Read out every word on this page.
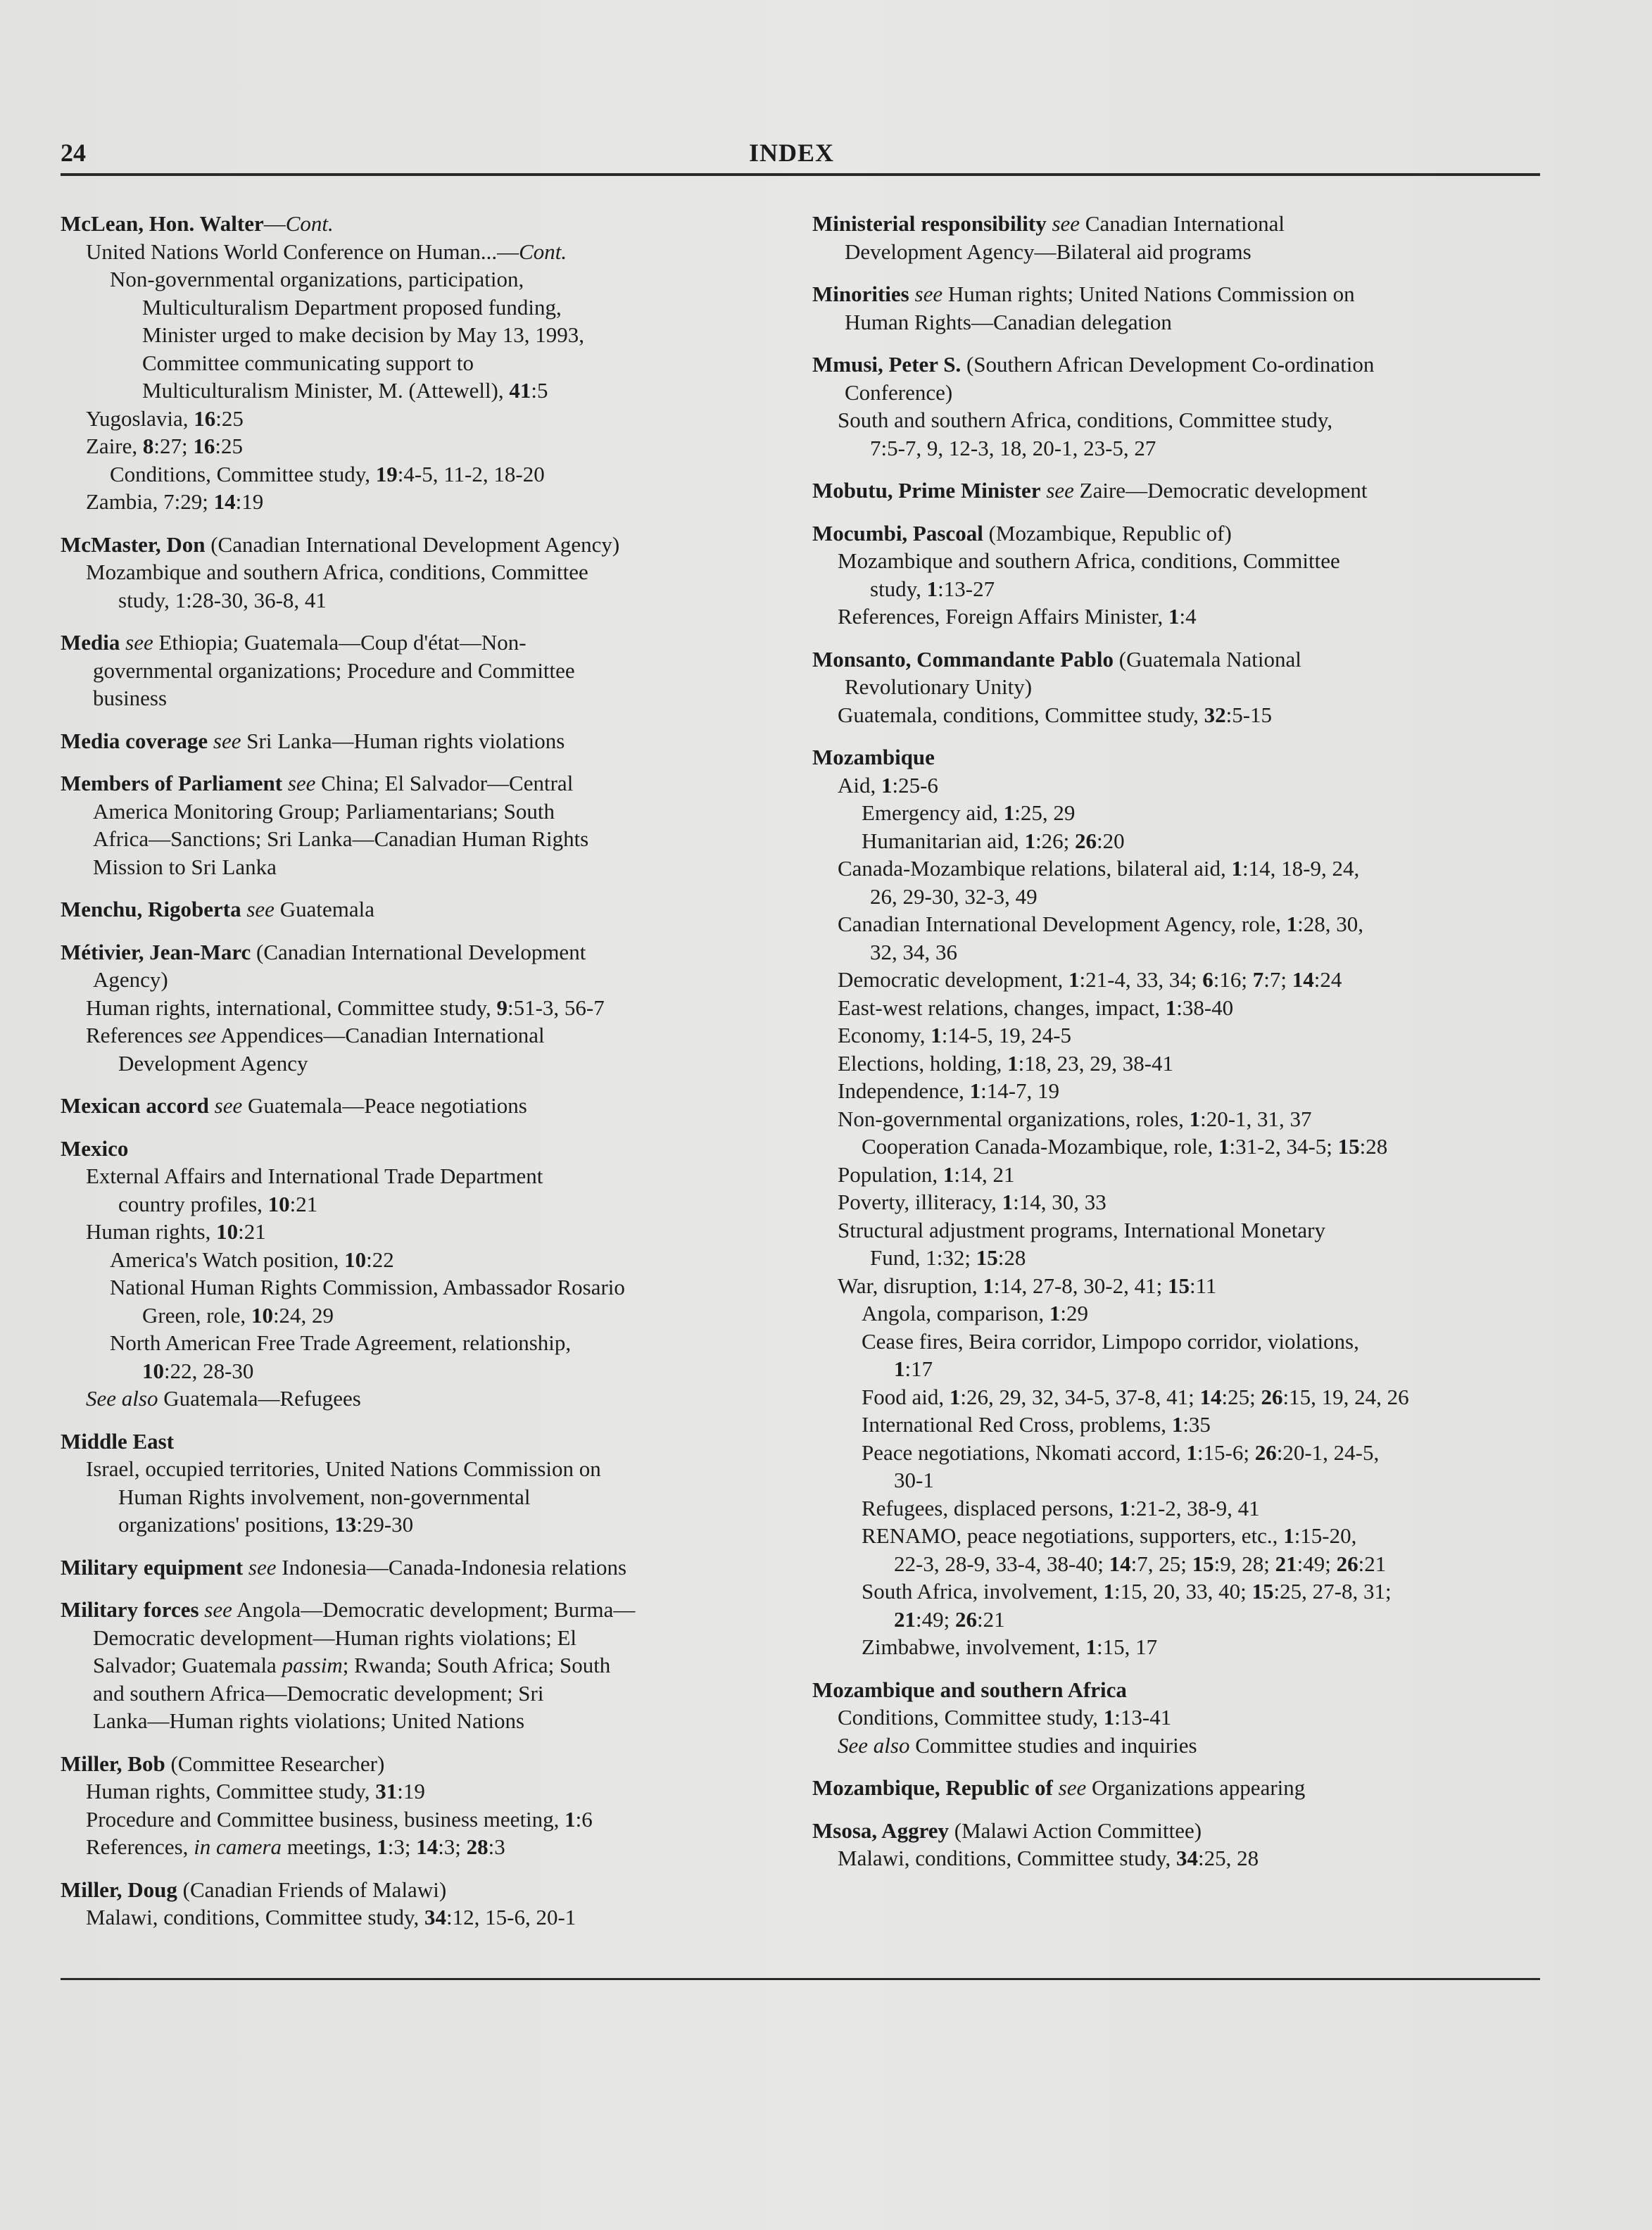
24	INDEX
McLean, Hon. Walter—Cont.
United Nations World Conference on Human...—Cont.
Non-governmental organizations, participation,
Multiculturalism Department proposed funding,
Minister urged to make decision by May 13, 1993,
Committee communicating support to
Multiculturalism Minister, M. (Attewell), 41:5
Yugoslavia, 16:25
Zaire, 8:27; 16:25
Conditions, Committee study, 19:4-5, 11-2, 18-20
Zambia, 7:29; 14:19
McMaster, Don (Canadian International Development Agency)
Mozambique and southern Africa, conditions, Committee
study, 1:28-30, 36-8, 41
Media see Ethiopia; Guatemala—Coup d'état—Non-
governmental organizations; Procedure and Committee
business
Media coverage see Sri Lanka—Human rights violations
Members of Parliament see China; El Salvador—Central
America Monitoring Group; Parliamentarians; South
Africa—Sanctions; Sri Lanka—Canadian Human Rights
Mission to Sri Lanka
Menchu, Rigoberta see Guatemala
Métivier, Jean-Marc (Canadian International Development
Agency)
Human rights, international, Committee study, 9:51-3, 56-7
References see Appendices—Canadian International
Development Agency
Mexican accord see Guatemala—Peace negotiations
Mexico
External Affairs and International Trade Department
country profiles, 10:21
Human rights, 10:21
America's Watch position, 10:22
National Human Rights Commission, Ambassador Rosario
Green, role, 10:24, 29
North American Free Trade Agreement, relationship,
10:22, 28-30
See also Guatemala—Refugees
Middle East
Israel, occupied territories, United Nations Commission on
Human Rights involvement, non-governmental
organizations' positions, 13:29-30
Military equipment see Indonesia—Canada-Indonesia relations
Military forces see Angola—Democratic development; Burma—
Democratic development—Human rights violations; El
Salvador; Guatemala passim; Rwanda; South Africa; South
and southern Africa—Democratic development; Sri
Lanka—Human rights violations; United Nations
Miller, Bob (Committee Researcher)
Human rights, Committee study, 31:19
Procedure and Committee business, business meeting, 1:6
References, in camera meetings, 1:3; 14:3; 28:3
Miller, Doug (Canadian Friends of Malawi)
Malawi, conditions, Committee study, 34:12, 15-6, 20-1
Ministerial responsibility see Canadian International
Development Agency—Bilateral aid programs
Minorities see Human rights; United Nations Commission on
Human Rights—Canadian delegation
Mmusi, Peter S. (Southern African Development Co-ordination
Conference)
South and southern Africa, conditions, Committee study,
7:5-7, 9, 12-3, 18, 20-1, 23-5, 27
Mobutu, Prime Minister see Zaire—Democratic development
Mocumbi, Pascoal (Mozambique, Republic of)
Mozambique and southern Africa, conditions, Committee
study, 1:13-27
References, Foreign Affairs Minister, 1:4
Monsanto, Commandante Pablo (Guatemala National
Revolutionary Unity)
Guatemala, conditions, Committee study, 32:5-15
Mozambique
Aid, 1:25-6
Emergency aid, 1:25, 29
Humanitarian aid, 1:26; 26:20
Canada-Mozambique relations, bilateral aid, 1:14, 18-9, 24,
26, 29-30, 32-3, 49
Canadian International Development Agency, role, 1:28, 30,
32, 34, 36
Democratic development, 1:21-4, 33, 34; 6:16; 7:7; 14:24
East-west relations, changes, impact, 1:38-40
Economy, 1:14-5, 19, 24-5
Elections, holding, 1:18, 23, 29, 38-41
Independence, 1:14-7, 19
Non-governmental organizations, roles, 1:20-1, 31, 37
Cooperation Canada-Mozambique, role, 1:31-2, 34-5; 15:28
Population, 1:14, 21
Poverty, illiteracy, 1:14, 30, 33
Structural adjustment programs, International Monetary
Fund, 1:32; 15:28
War, disruption, 1:14, 27-8, 30-2, 41; 15:11
Angola, comparison, 1:29
Cease fires, Beira corridor, Limpopo corridor, violations,
1:17
Food aid, 1:26, 29, 32, 34-5, 37-8, 41; 14:25; 26:15, 19, 24, 26
International Red Cross, problems, 1:35
Peace negotiations, Nkomati accord, 1:15-6; 26:20-1, 24-5,
30-1
Refugees, displaced persons, 1:21-2, 38-9, 41
RENAMO, peace negotiations, supporters, etc., 1:15-20,
22-3, 28-9, 33-4, 38-40; 14:7, 25; 15:9, 28; 21:49; 26:21
South Africa, involvement, 1:15, 20, 33, 40; 15:25, 27-8, 31;
21:49; 26:21
Zimbabwe, involvement, 1:15, 17
Mozambique and southern Africa
Conditions, Committee study, 1:13-41
See also Committee studies and inquiries
Mozambique, Republic of see Organizations appearing
Msosa, Aggrey (Malawi Action Committee)
Malawi, conditions, Committee study, 34:25, 28
